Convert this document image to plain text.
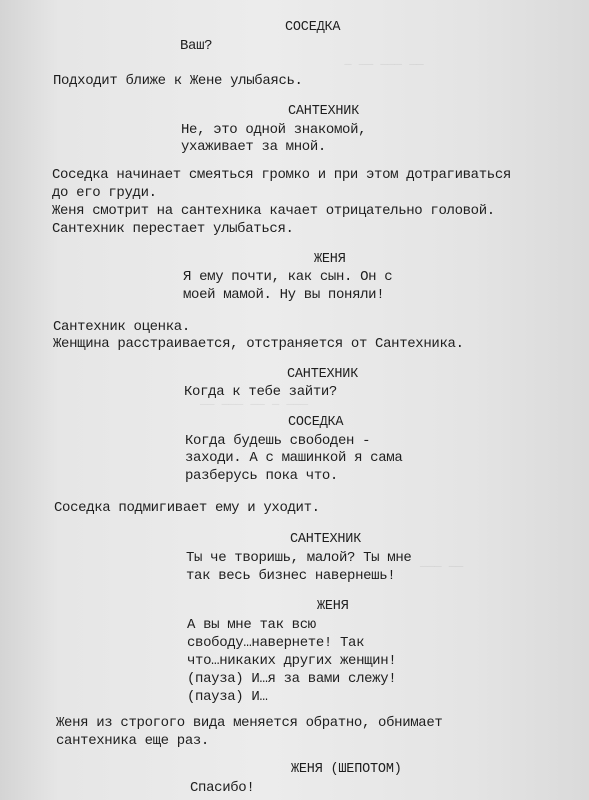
─ ── ─── ──
── ─── ── ─ ───
─── ──
СОСЕДКА
Ваш?
Подходит ближе к Жене улыбаясь.
САНТЕХНИК
Не, это одной знакомой,
ухаживает за мной.
Соседка начинает смеяться громко и при этом дотрагиваться
до его груди.
Женя смотрит на сантехника качает отрицательно головой.
Сантехник перестает улыбаться.
ЖЕНЯ
Я ему почти, как сын. Он с
моей мамой. Ну вы поняли!
Сантехник оценка.
Женщина расстраивается, отстраняется от Сантехника.
САНТЕХНИК
Когда к тебе зайти?
СОСЕДКА
Когда будешь свободен -
заходи. А с машинкой я сама
разберусь пока что.
Соседка подмигивает ему и уходит.
САНТЕХНИК
Ты че творишь, малой? Ты мне
так весь бизнес навернешь!
ЖЕНЯ
А вы мне так всю
свободу…навернете! Так
что…никаких других женщин!
(пауза) И…я за вами слежу!
(пауза) И…
Женя из строгого вида меняется обратно, обнимает
сантехника еще раз.
ЖЕНЯ (ШЕПОТОМ)
Спасибо!
